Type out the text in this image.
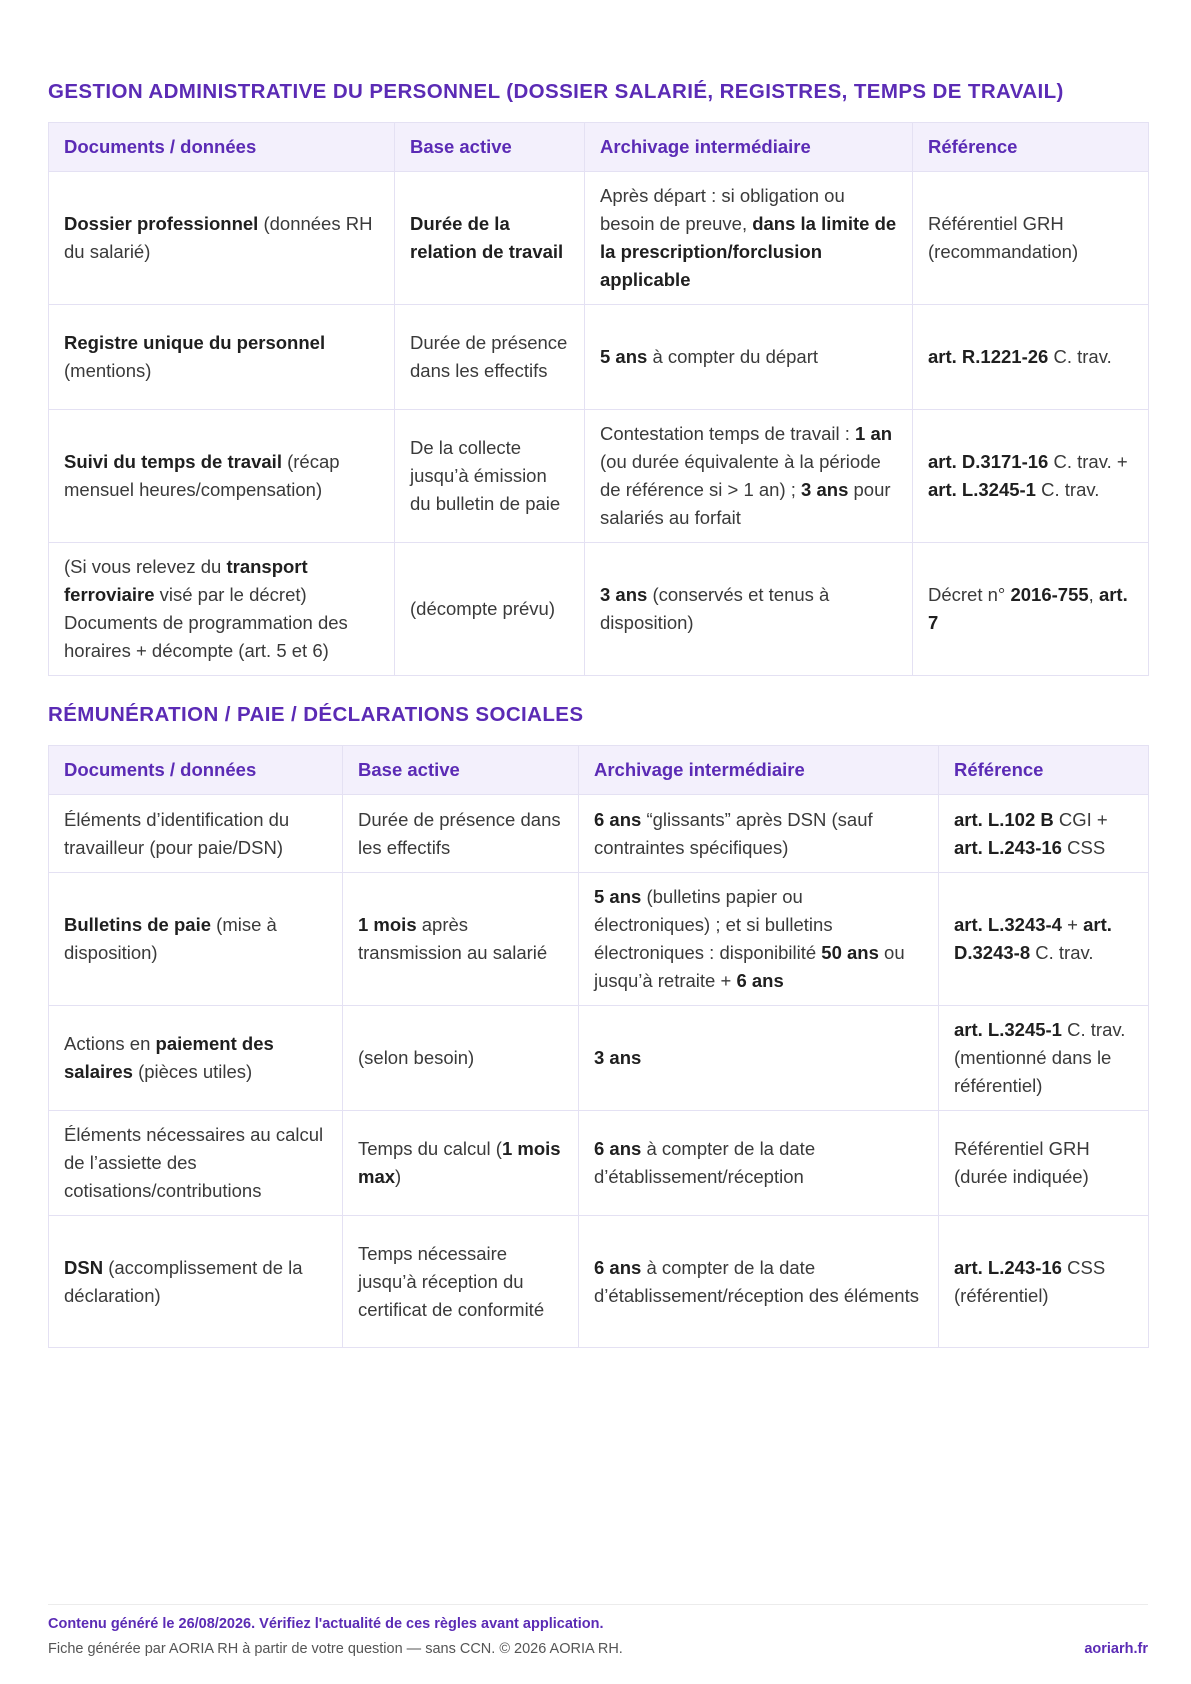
GESTION ADMINISTRATIVE DU PERSONNEL (DOSSIER SALARIÉ, REGISTRES, TEMPS DE TRAVAIL)
Documents / données	Base active	Archivage intermédiaire	Référence
Dossier professionnel (données RH du salarié)	Durée de la relation de travail	Après départ : si obligation ou besoin de preuve, dans la limite de la prescription/forclusion applicable	Référentiel GRH (recommandation)
Registre unique du personnel (mentions)	Durée de présence dans les effectifs	5 ans à compter du départ	art. R.1221-26 C. trav.
Suivi du temps de travail (récap mensuel heures/compensation)	De la collecte jusqu’à émission du bulletin de paie	Contestation temps de travail : 1 an (ou durée équivalente à la période de référence si > 1 an) ; 3 ans pour salariés au forfait	art. D.3171-16 C. trav. + art. L.3245-1 C. trav.
(Si vous relevez du transport ferroviaire visé par le décret) Documents de programmation des horaires + décompte (art. 5 et 6)	(décompte prévu)	3 ans (conservés et tenus à disposition)	Décret n° 2016-755, art. 7
RÉMUNÉRATION / PAIE / DÉCLARATIONS SOCIALES
Documents / données	Base active	Archivage intermédiaire	Référence
Éléments d’identification du travailleur (pour paie/DSN)	Durée de présence dans les effectifs	6 ans “glissants” après DSN (sauf contraintes spécifiques)	art. L.102 B CGI + art. L.243-16 CSS
Bulletins de paie (mise à disposition)	1 mois après transmission au salarié	5 ans (bulletins papier ou électroniques) ; et si bulletins électroniques : disponibilité 50 ans ou jusqu’à retraite + 6 ans	art. L.3243-4 + art. D.3243-8 C. trav.
Actions en paiement des salaires (pièces utiles)	(selon besoin)	3 ans	art. L.3245-1 C. trav. (mentionné dans le référentiel)
Éléments nécessaires au calcul de l’assiette des cotisations/contributions	Temps du calcul (1 mois max)	6 ans à compter de la date d’établissement/réception	Référentiel GRH (durée indiquée)
DSN (accomplissement de la déclaration)	Temps nécessaire jusqu’à réception du certificat de conformité	6 ans à compter de la date d’établissement/réception des éléments	art. L.243-16 CSS (référentiel)
Contenu généré le 26/08/2026. Vérifiez l'actualité de ces règles avant application.
Fiche générée par AORIA RH à partir de votre question — sans CCN. © 2026 AORIA RH.	aoriarh.fr
